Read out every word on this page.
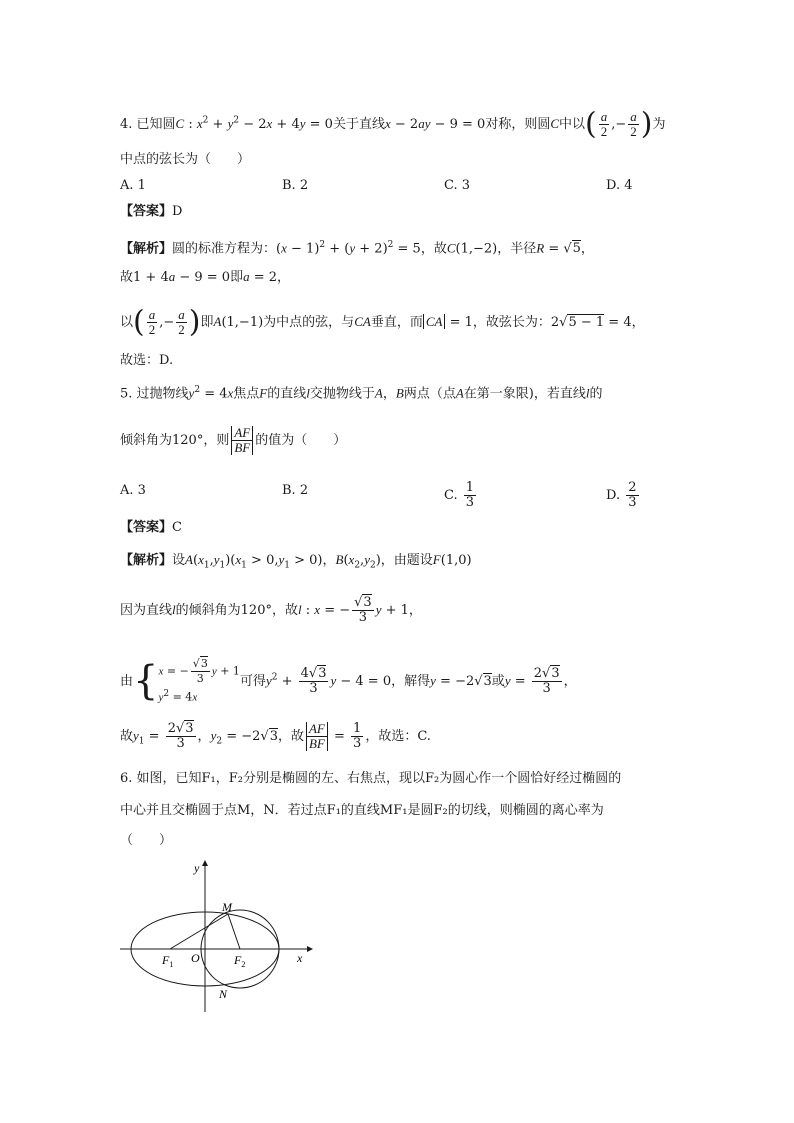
4. 已知圆C : $x^2 + y^2 - 2x + 4y = 0$关于直线x − 2ay − 9 = 0对称，则圆C中以( $\frac{a}{2}$ ,− $\frac{a}{2}$ )为
中点的弦长为（　　）
A. 1	B. 2	C. 3	D. 4
【答案】D
【解析】圆的标准方程为：$(x - 1)^2 + (y + 2)^2 = 5$，故C(1,−2)，半径R = √5，
故1 + 4a − 9 = 0即a = 2，
以( $\frac{a}{2}$ ,− $\frac{a}{2}$ )即A(1,−1)为中点的弦，与CA垂直，而 CA = 1，故弦长为：2√5 − 1 = 4，
故选：D.
5. 过抛物线$y^2 = 4x$焦点F的直线l交抛物线于A，B两点（点A在第一象限)，若直线l的
倾斜角为120°，则 $\frac{AF}{BF}$ 的值为（　　）
A. 3	B. 2	C. $\frac{1}{3}$	D. $\frac{2}{3}$
【答案】C
【解析】设$A(x_1,y_1)(x_1 > 0,y_1 > 0)$，$B(x_2,y_2)$，由题设F(1,0)
因为直线l的倾斜角为120°，故l : x = − $\frac{√3}{3}$ y + 1，
由 { x = − $\frac{√3}{3}$ y + 1
$y^2 = 4x$
可得$y^2 + \frac{4√3}{3}$ y − 4 = 0，解得y = −2√3或$y = \frac{2√3}{3}$ ，
故$y_1 = \frac{2√3}{3}$ ，$y_2 = -2√3$，故 $\frac{AF}{BF} = \frac{1}{3}$ ，故选：C.
6. 如图，已知F₁，F₂分别是椭圆的左、右焦点，现以F₂为圆心作一个圆恰好经过椭圆的
中心并且交椭圆于点M，N．若过点F₁的直线MF₁是圆F₂的切线，则椭圆的离心率为
（　　）
y
x
M
N
O
$F_1$	$F_2$
